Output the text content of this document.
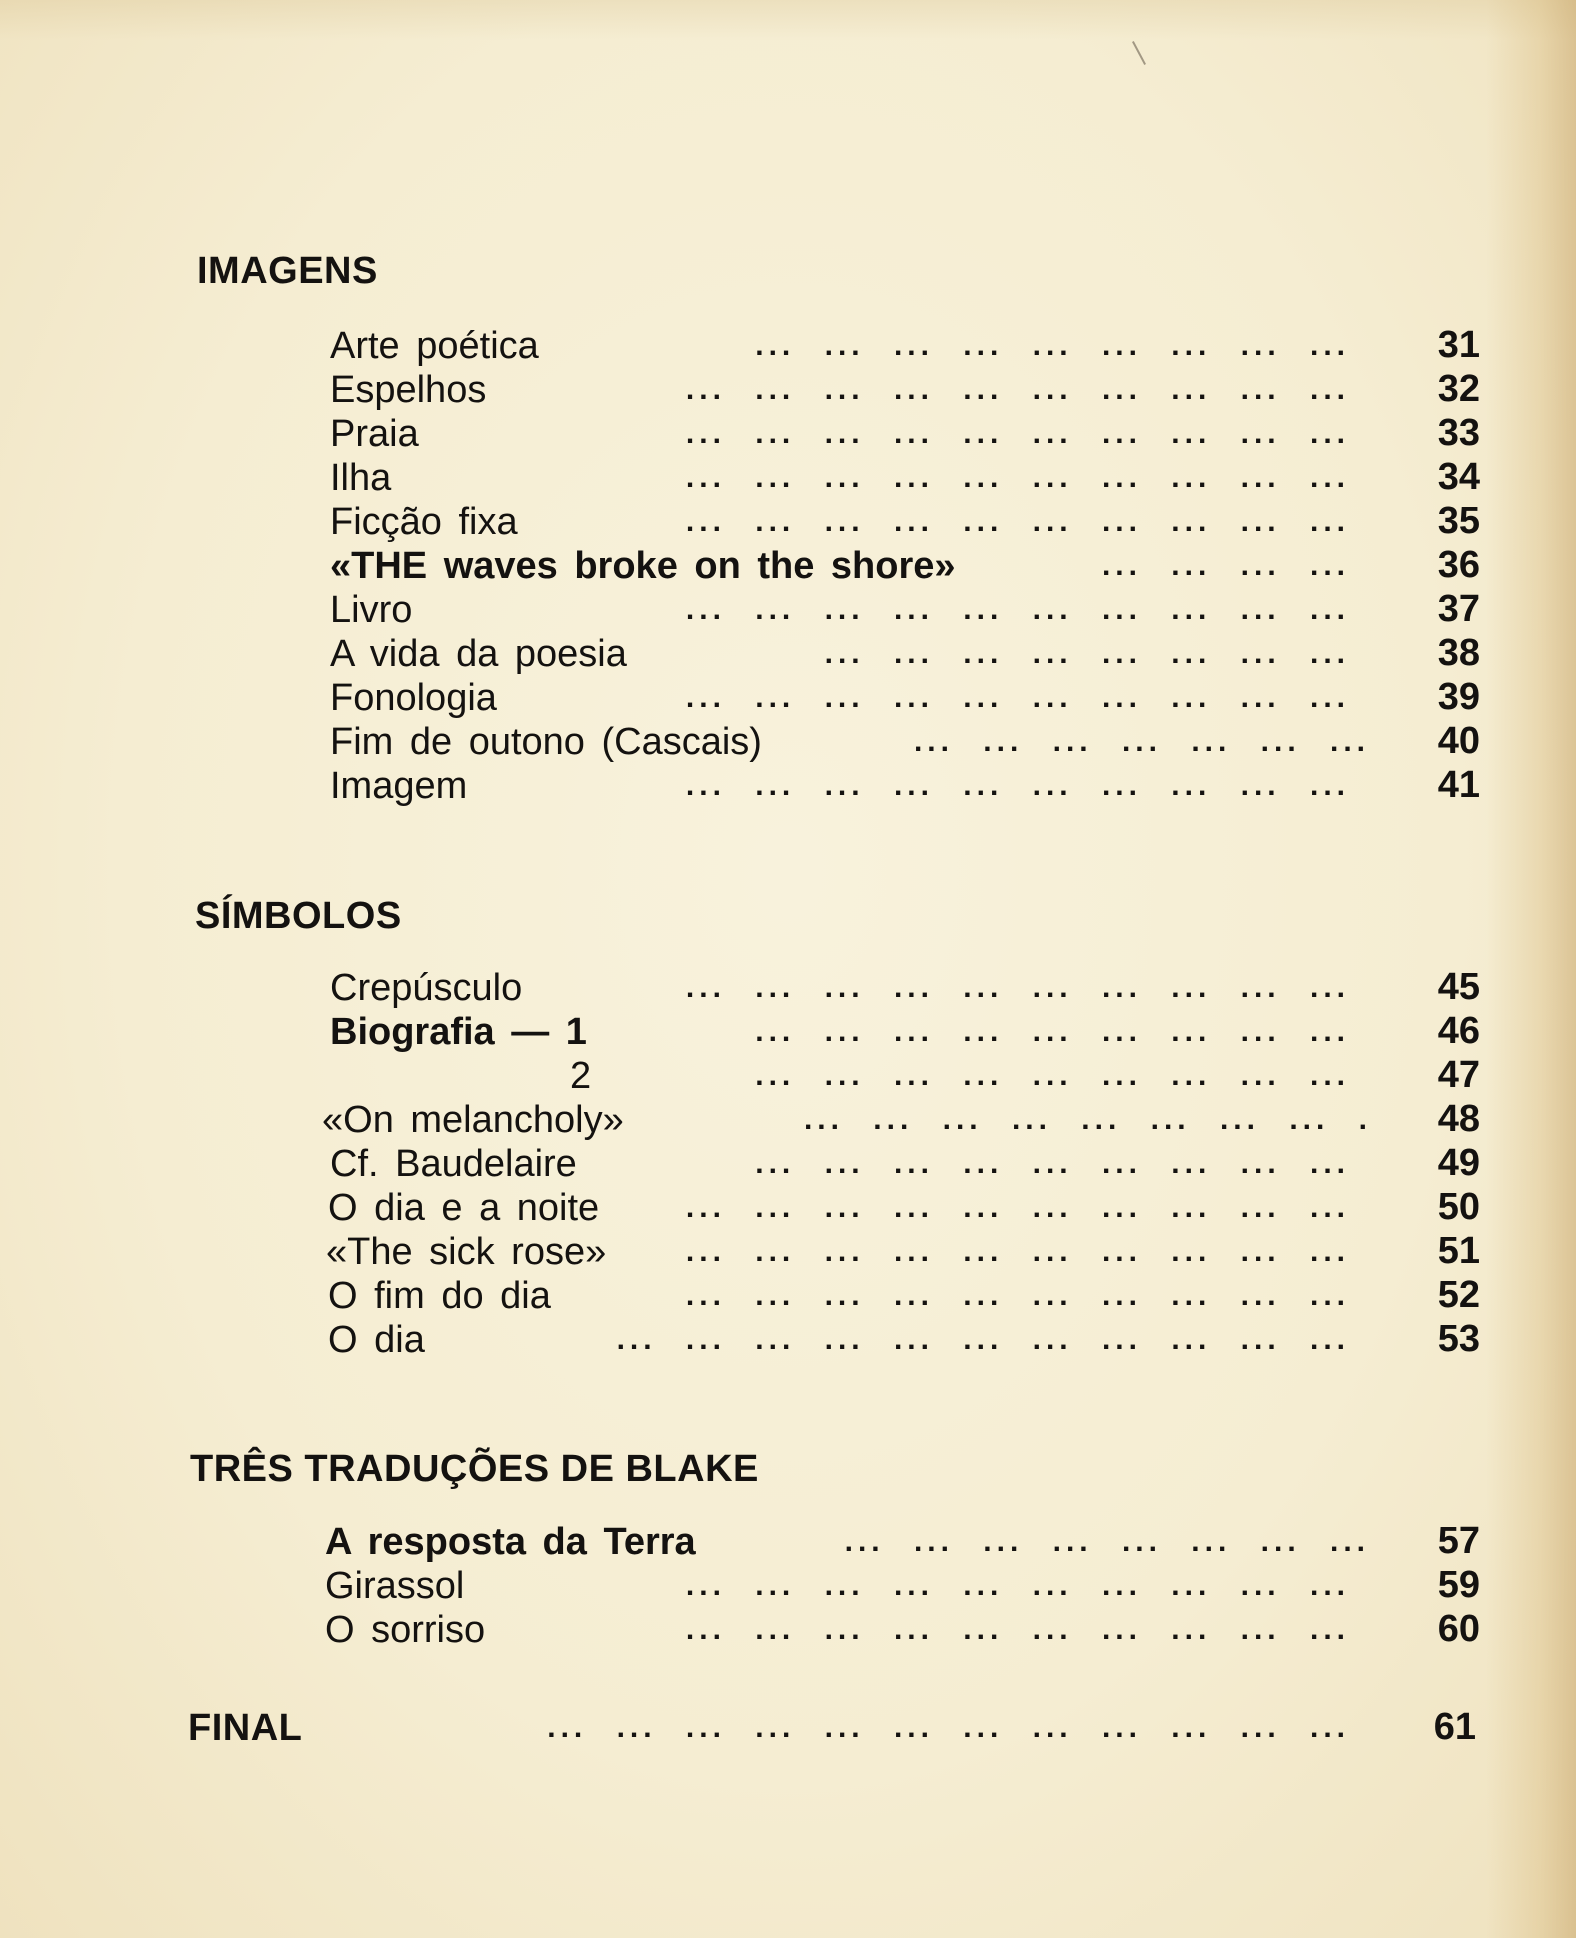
IMAGENS
Arte poética	... ... ... ... ... ... ... ... ...	31
Espelhos	... ... ... ... ... ... ... ... ... ...	32
Praia	... ... ... ... ... ... ... ... ... ...	33
Ilha	... ... ... ... ... ... ... ... ... ...	34
Ficção fixa	... ... ... ... ... ... ... ... ... ...	35
«THE waves broke on the shore»	... ... ... ...	36
Livro	... ... ... ... ... ... ... ... ... ...	37
A vida da poesia	... ... ... ... ... ... ... ...	38
Fonologia	... ... ... ... ... ... ... ... ... ...	39
Fim de outono (Cascais)	... ... ... ... ... ... ...	40
Imagem	... ... ... ... ... ... ... ... ... ...	41
SÍMBOLOS
Crepúsculo	... ... ... ... ... ... ... ... ... ...	45
Biografia — 1	... ... ... ... ... ... ... ... ...	46
2	... ... ... ... ... ... ... ... ...	47
«On melancholy»	... ... ... ... ... ... ... ... .	48
Cf. Baudelaire	... ... ... ... ... ... ... ... ...	49
O dia e a noite	... ... ... ... ... ... ... ... ... ...	50
«The sick rose»	... ... ... ... ... ... ... ... ... ...	51
O fim do dia	... ... ... ... ... ... ... ... ... ...	52
O dia	... ... ... ... ... ... ... ... ... ... ...	53
TRÊS TRADUÇÕES DE BLAKE
A resposta da Terra	... ... ... ... ... ... ... ...	57
Girassol	... ... ... ... ... ... ... ... ... ...	59
O sorriso	... ... ... ... ... ... ... ... ... ...	60
FINAL	... ... ... ... ... ... ... ... ... ... ... ...	61
